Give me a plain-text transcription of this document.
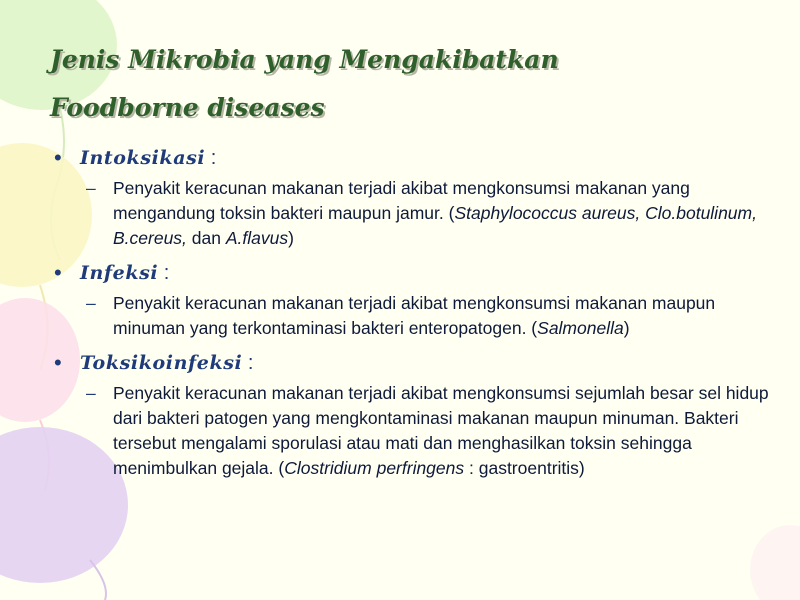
Jenis Mikrobia yang Mengakibatkan
Foodborne diseases
• Intoksikasi :
– Penyakit keracunan makanan terjadi akibat mengkonsumsi makanan yang mengandung toksin bakteri maupun jamur. (Staphylococcus aureus, Clo.botulinum, B.cereus, dan A.flavus)
• Infeksi :
– Penyakit keracunan makanan terjadi akibat mengkonsumsi makanan maupun minuman yang terkontaminasi bakteri enteropatogen. (Salmonella)
• Toksikoinfeksi :
– Penyakit keracunan makanan terjadi akibat mengkonsumsi sejumlah besar sel hidup dari bakteri patogen yang mengkontaminasi makanan maupun minuman. Bakteri tersebut mengalami sporulasi atau mati dan menghasilkan toksin sehingga menimbulkan gejala. (Clostridium perfringens : gastroentritis)
